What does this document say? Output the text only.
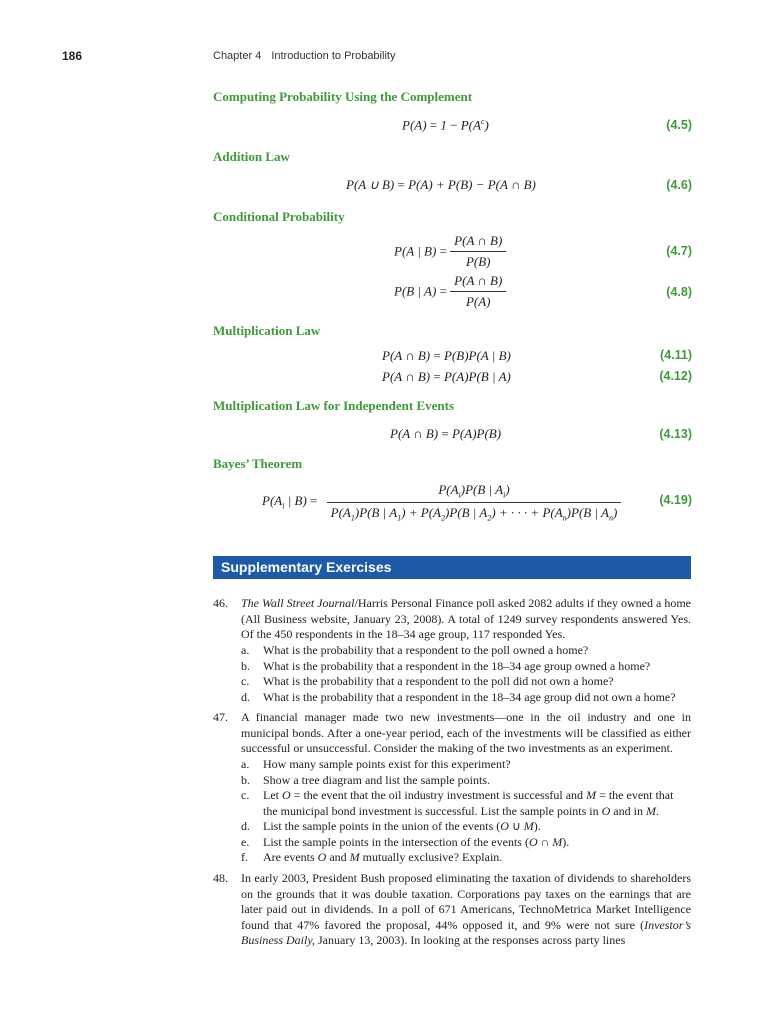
186	Chapter 4 Introduction to Probability
Computing Probability Using the Complement
$P(A) = 1 - P(A^c)$	(4.5)
Addition Law
P(A ∪ B) = P(A) + P(B) − P(A ∩ B)	(4.6)
Conditional Probability
P(A | $B) = \frac{P(A \cap B)}{P(B)}$	(4.7)
P(B | $A) = \frac{P(A \cap B)}{P(A)}$	(4.8)
Multiplication Law
P(A ∩ B) = P(B)P(A | B)	(4.11)
P(A ∩ B) = P(A)P(B | A)	(4.12)
Multiplication Law for Independent Events
P(A ∩ B) = P(A)P(B)	(4.13)
Bayes’ Theorem
$P(A_i$ | $B) = \frac{P(A_i)P(B | A_i)}{P(A_1)P(B | A_1) + P(A_2)P(B | A_2) + \cdot \cdot \cdot + P(A_n)P(B | A_n)}$	(4.19)
Supplementary Exercises
46. The Wall Street Journal/Harris Personal Finance poll asked 2082 adults if they owned a home (All Business website, January 23, 2008). A total of 1249 survey respondents answered Yes. Of the 450 respondents in the 18–34 age group, 117 responded Yes.
a. What is the probability that a respondent to the poll owned a home?
b. What is the probability that a respondent in the 18–34 age group owned a home?
c. What is the probability that a respondent to the poll did not own a home?
d. What is the probability that a respondent in the 18–34 age group did not own a home?
47. A financial manager made two new investments—one in the oil industry and one in municipal bonds. After a one-year period, each of the investments will be classified as either successful or unsuccessful. Consider the making of the two investments as an experiment.
a. How many sample points exist for this experiment?
b. Show a tree diagram and list the sample points.
c. Let O = the event that the oil industry investment is successful and M = the event that
the municipal bond investment is successful. List the sample points in O and in M.
d. List the sample points in the union of the events (O ∪ M).
e. List the sample points in the intersection of the events (O ∩ M).
f. Are events O and M mutually exclusive? Explain.
48. In early 2003, President Bush proposed eliminating the taxation of dividends to shareholders on the grounds that it was double taxation. Corporations pay taxes on the earnings that are later paid out in dividends. In a poll of 671 Americans, TechnoMetrica Market Intelligence found that 47% favored the proposal, 44% opposed it, and 9% were not sure (Investor’s Business Daily, January 13, 2003). In looking at the responses across party lines
